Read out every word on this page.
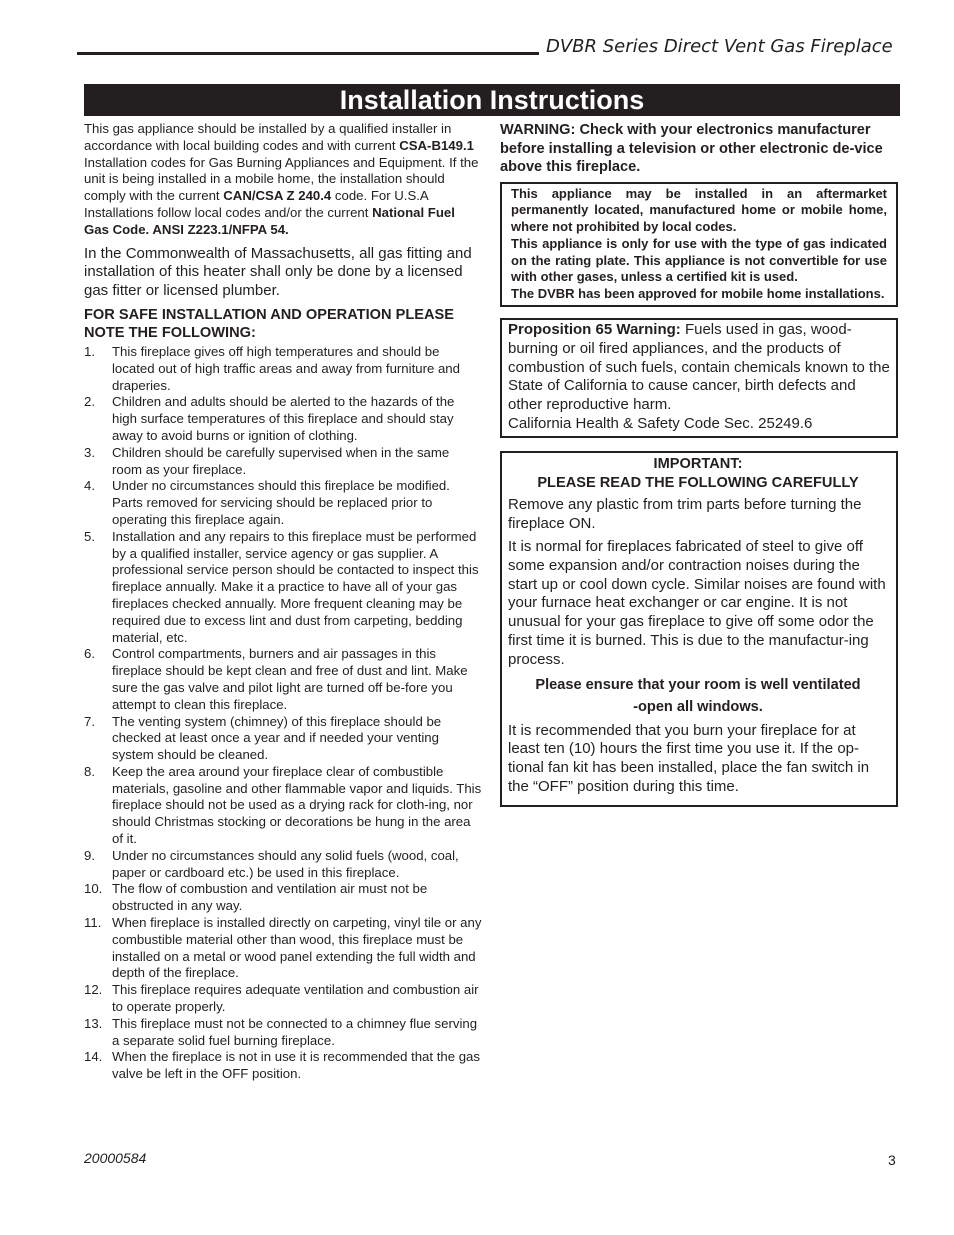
DVBR Series Direct Vent Gas Fireplace
Installation Instructions

This gas appliance should be installed by a qualified installer in accordance with local building codes and with current CSA-B149.1 Installation codes for Gas Burning Appliances and Equipment. If the unit is being installed in a mobile home, the installation should comply with the current CAN/CSA Z 240.4 code. For U.S.A Installations follow local codes and/or the current National Fuel Gas Code. ANSI Z223.1/NFPA 54.

In the Commonwealth of Massachusetts, all gas fitting and installation of this heater shall only be done by a licensed gas fitter or licensed plumber.

FOR SAFE INSTALLATION AND OPERATION PLEASE NOTE THE FOLLOWING:

1. This fireplace gives off high temperatures and should be located out of high traffic areas and away from furniture and draperies.
2. Children and adults should be alerted to the hazards of the high surface temperatures of this fireplace and should stay away to avoid burns or ignition of clothing.
3. Children should be carefully supervised when in the same room as your fireplace.
4. Under no circumstances should this fireplace be modified. Parts removed for servicing should be replaced prior to operating this fireplace again.
5. Installation and any repairs to this fireplace must be performed by a qualified installer, service agency or gas supplier. A professional service person should be contacted to inspect this fireplace annually. Make it a practice to have all of your gas fireplaces checked annually. More frequent cleaning may be required due to excess lint and dust from carpeting, bedding material, etc.
6. Control compartments, burners and air passages in this fireplace should be kept clean and free of dust and lint. Make sure the gas valve and pilot light are turned off be-fore you attempt to clean this fireplace.
7. The venting system (chimney) of this fireplace should be checked at least once a year and if needed your venting system should be cleaned.
8. Keep the area around your fireplace clear of combustible materials, gasoline and other flammable vapor and liquids. This fireplace should not be used as a drying rack for cloth-ing, nor should Christmas stocking or decorations be hung in the area of it.
9. Under no circumstances should any solid fuels (wood, coal, paper or cardboard etc.) be used in this fireplace.
10. The flow of combustion and ventilation air must not be obstructed in any way.
11. When fireplace is installed directly on carpeting, vinyl tile or any combustible material other than wood, this fireplace must be installed on a metal or wood panel extending the full width and depth of the fireplace.
12. This fireplace requires adequate ventilation and combustion air to operate properly.
13. This fireplace must not be connected to a chimney flue serving a separate solid fuel burning fireplace.
14. When the fireplace is not in use it is recommended that the gas valve be left in the OFF position.

WARNING: Check with your electronics manufacturer before installing a television or other electronic de-vice above this fireplace.

This appliance may be installed in an aftermarket permanently located, manufactured home or mobile home, where not prohibited by local codes.

This appliance is only for use with the type of gas indicated on the rating plate. This appliance is not convertible for use with other gases, unless a certified kit is used.

The DVBR has been approved for mobile home installations.

Proposition 65 Warning: Fuels used in gas, wood-burning or oil fired appliances, and the products of combustion of such fuels, contain chemicals known to the State of California to cause cancer, birth defects and other reproductive harm.

California Health & Safety Code Sec. 25249.6

IMPORTANT:

PLEASE READ THE FOLLOWING CAREFULLY

Remove any plastic from trim parts before turning the fireplace ON.

It is normal for fireplaces fabricated of steel to give off some expansion and/or contraction noises during the start up or cool down cycle. Similar noises are found with your furnace heat exchanger or car engine. It is not unusual for your gas fireplace to give off some odor the first time it is burned. This is due to the manufactur-ing process.

Please ensure that your room is well ventilated

-open all windows.

It is recommended that you burn your fireplace for at least ten (10) hours the first time you use it. If the op-tional fan kit has been installed, place the fan switch in the “OFF” position during this time.

20000584	3
